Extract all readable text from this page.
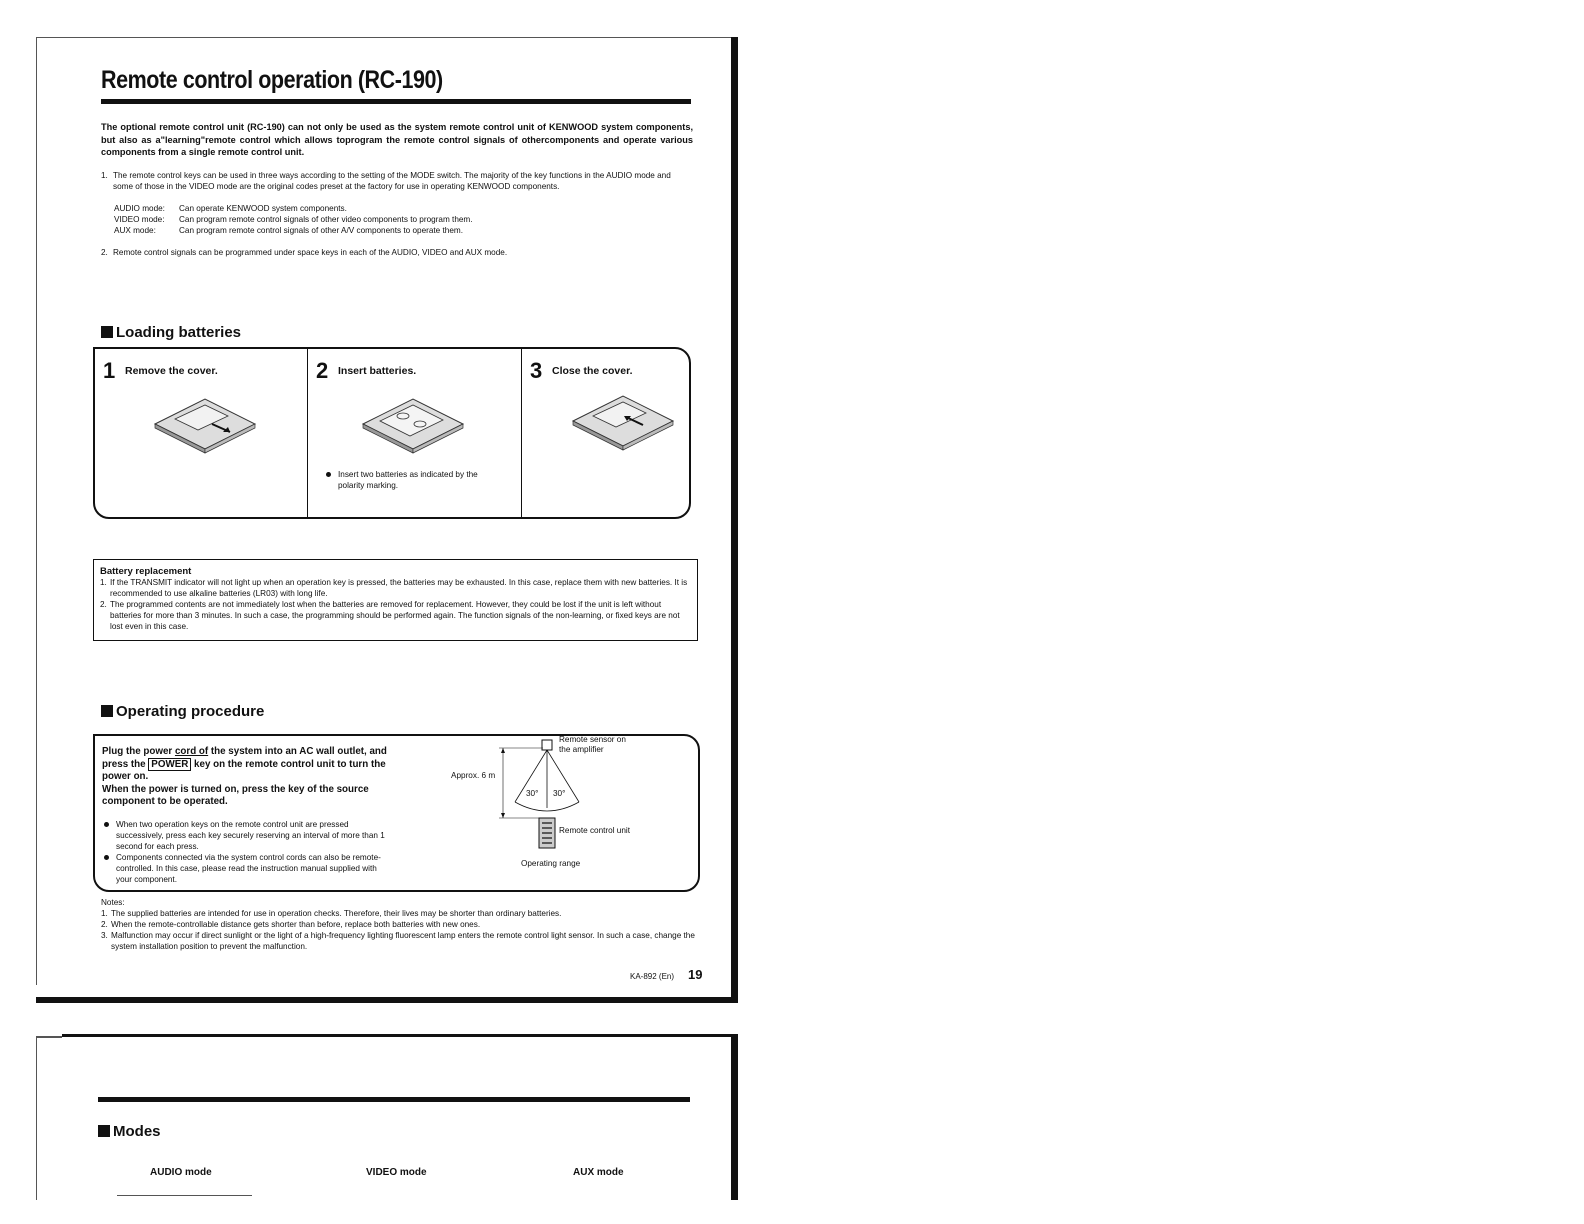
Remote control operation (RC-190)
The optional remote control unit (RC-190) can not only be used as the system remote control unit of KENWOOD system components, but also as a"learning"remote control which allows toprogram the remote control signals of othercomponents and operate various components from a single remote control unit.
1. The remote control keys can be used in three ways according to the setting of the MODE switch. The majority of the key functions in the AUDIO mode and some of those in the VIDEO mode are the original codes preset at the factory for use in operating KENWOOD components.
AUDIO mode:	Can operate KENWOOD system components.
VIDEO mode:	Can program remote control signals of other video components to program them.
AUX mode:	Can program remote control signals of other A/V components to operate them.
2. Remote control signals can be programmed under space keys in each of the AUDIO, VIDEO and AUX mode.
Loading batteries
1 Remove the cover.	2 Insert batteries.
Insert two batteries as indicated by the polarity marking.
3 Close the cover.
Battery replacement
1. If the TRANSMIT indicator will not light up when an operation key is pressed, the batteries may be exhausted. In this case, replace them with new batteries. It is recommended to use alkaline batteries (LR03) with long life.
2. The programmed contents are not immediately lost when the batteries are removed for replacement. However, they could be lost if the unit is left without batteries for more than 3 minutes. In such a case, the programming should be performed again. The function signals of the non-learning, or fixed keys are not lost even in this case.
Operating procedure
Plug the power cord of the system into an AC wall outlet, and press the POWER key on the remote control unit to turn the power on.
When the power is turned on, press the key of the source component to be operated.
When two operation keys on the remote control unit are pressed successively, press each key securely reserving an interval of more than 1 second for each press.
Components connected via the system control cords can also be remote-controlled. In this case, please read the instruction manual supplied with your component.
Remote sensor on
the amplifier
Approx. 6 m
30° 30°
Remote control unit
Operating range
Notes:
1. The supplied batteries are intended for use in operation checks. Therefore, their lives may be shorter than ordinary batteries.
2. When the remote-controllable distance gets shorter than before, replace both batteries with new ones.
3. Malfunction may occur if direct sunlight or the light of a high-frequency lighting fluorescent lamp enters the remote control light sensor. In such a case, change the system installation position to prevent the malfunction.
KA-892 (En) 19
Modes
AUDIO mode	VIDEO mode	AUX mode
